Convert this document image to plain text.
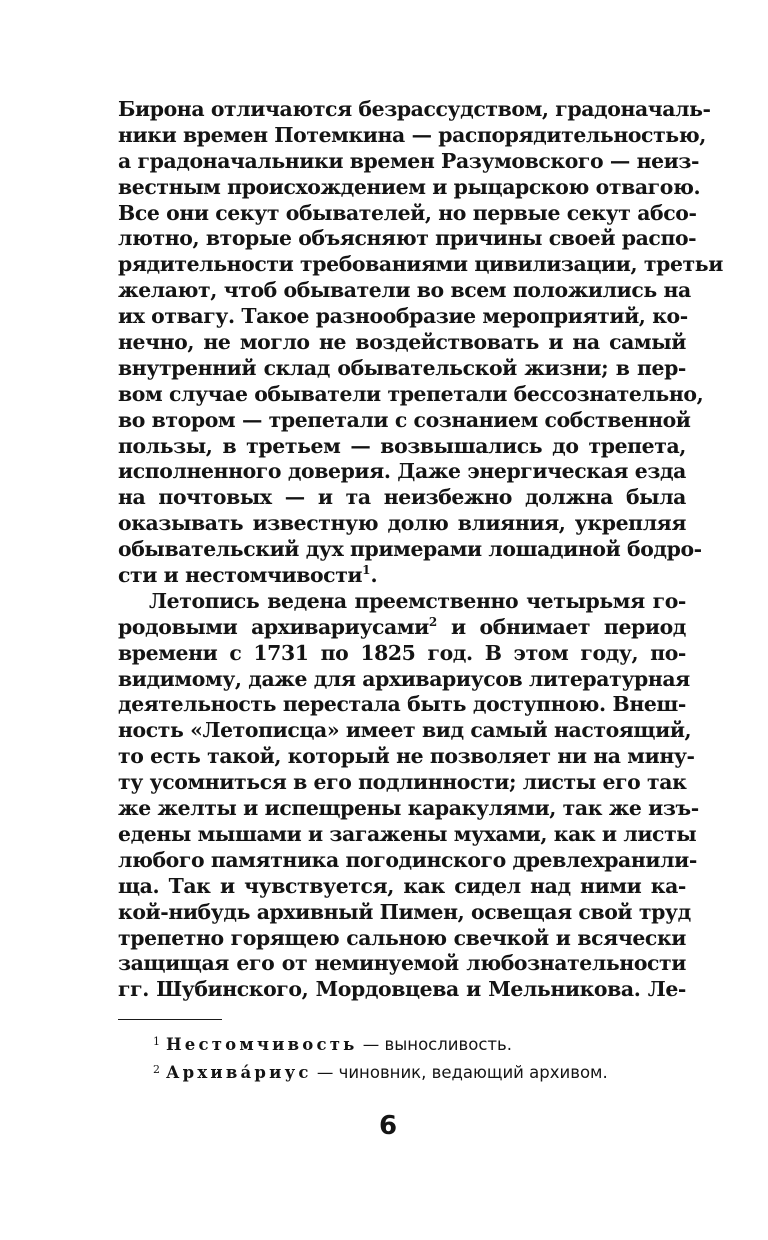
Бирона отличаются безрассудством, градоначаль-
ники времен Потемкина — распорядительностью,
а градоначальники времен Разумовского — неиз-
вестным происхождением и рыцарскою отвагою.
Все они секут обывателей, но первые секут абсо-
лютно, вторые объясняют причины своей распо-
рядительности требованиями цивилизации, третьи
желают, чтоб обыватели во всем положились на
их отвагу. Такое разнообразие мероприятий, ко-
нечно, не могло не воздействовать и на самый
внутренний склад обывательской жизни; в пер-
вом случае обыватели трепетали бессознательно,
во втором — трепетали с сознанием собственной
пользы, в третьем — возвышались до трепета,
исполненного доверия. Даже энергическая езда
на почтовых — и та неизбежно должна была
оказывать известную долю влияния, укрепляя
обывательский дух примерами лошадиной бодро-
сти и нестомчивости$^1$.
Летопись ведена преемственно четырьмя го-
родовыми архивариусами$^2$ и обнимает период
времени с 1731 по 1825 год. В этом году, по-
видимому, даже для архивариусов литературная
деятельность перестала быть доступною. Внеш-
ность «Летописца» имеет вид самый настоящий,
то есть такой, который не позволяет ни на мину-
ту усомниться в его подлинности; листы его так
же желты и испещрены каракулями, так же изъ-
едены мышами и загажены мухами, как и листы
любого памятника погодинского древлехранили-
ща. Так и чувствуется, как сидел над ними ка-
кой-нибудь архивный Пимен, освещая свой труд
трепетно горящею сальною свечкой и всячески
защищая его от неминуемой любознательности
гг. Шубинского, Мордовцева и Мельникова. Ле-
$^1$ Нестомчивость — выносливость.
$^2$ Архива́риус — чиновник, ведающий архивом.
6
